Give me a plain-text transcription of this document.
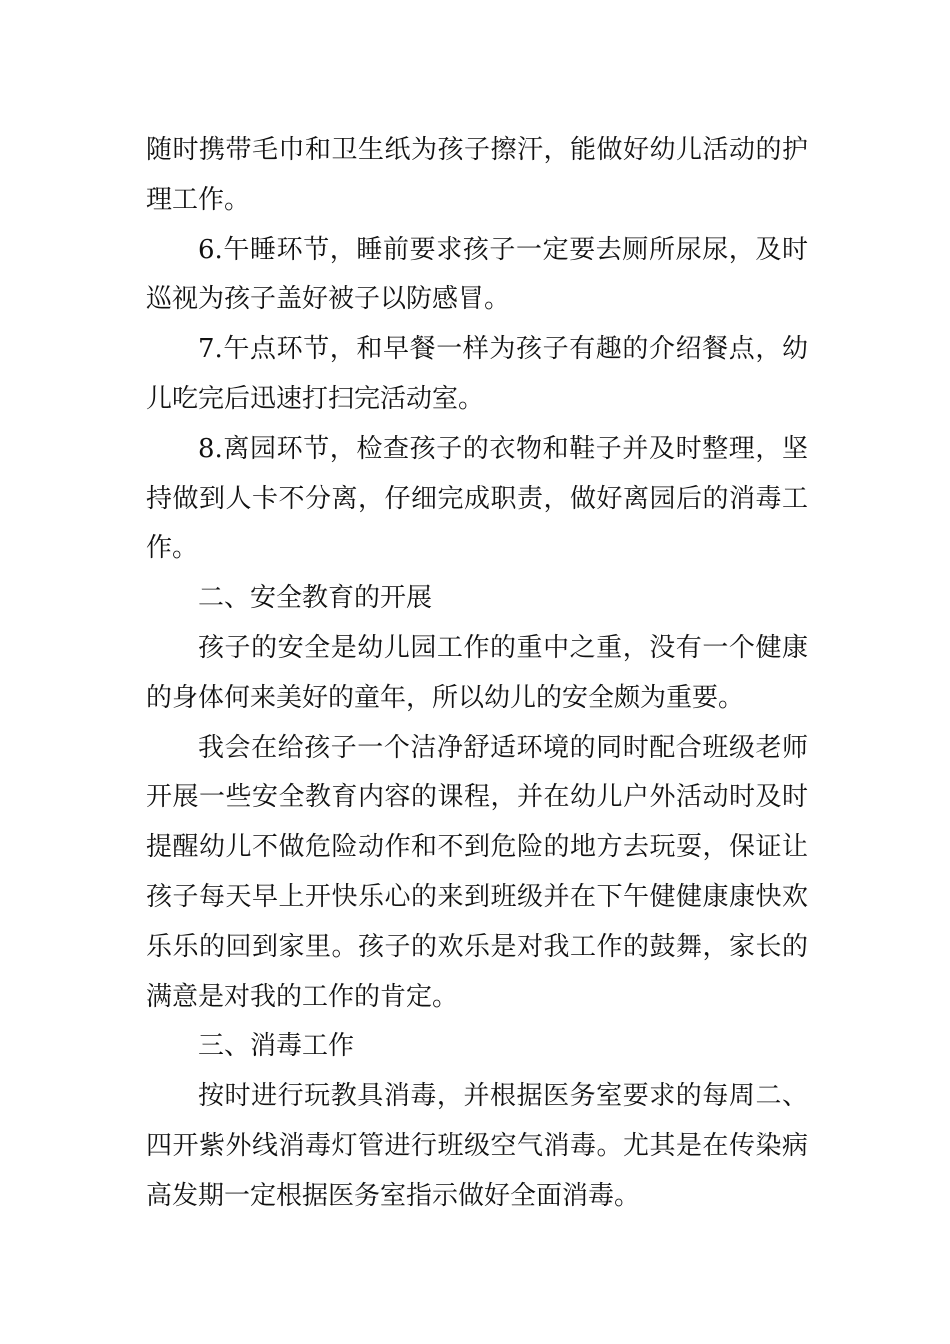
随时携带毛巾和卫生纸为孩子擦汗，能做好幼儿活动的护理工作。

6.午睡环节，睡前要求孩子一定要去厕所尿尿，及时巡视为孩子盖好被子以防感冒。

7.午点环节，和早餐一样为孩子有趣的介绍餐点，幼儿吃完后迅速打扫完活动室。

8.离园环节，检查孩子的衣物和鞋子并及时整理，坚持做到人卡不分离，仔细完成职责，做好离园后的消毒工作。

二、安全教育的开展

孩子的安全是幼儿园工作的重中之重，没有一个健康的身体何来美好的童年，所以幼儿的安全颇为重要。

我会在给孩子一个洁净舒适环境的同时配合班级老师开展一些安全教育内容的课程，并在幼儿户外活动时及时提醒幼儿不做危险动作和不到危险的地方去玩耍，保证让孩子每天早上开快乐心的来到班级并在下午健健康康快欢乐乐的回到家里。孩子的欢乐是对我工作的鼓舞，家长的满意是对我的工作的肯定。

三、消毒工作

按时进行玩教具消毒，并根据医务室要求的每周二、四开紫外线消毒灯管进行班级空气消毒。尤其是在传染病高发期一定根据医务室指示做好全面消毒。
